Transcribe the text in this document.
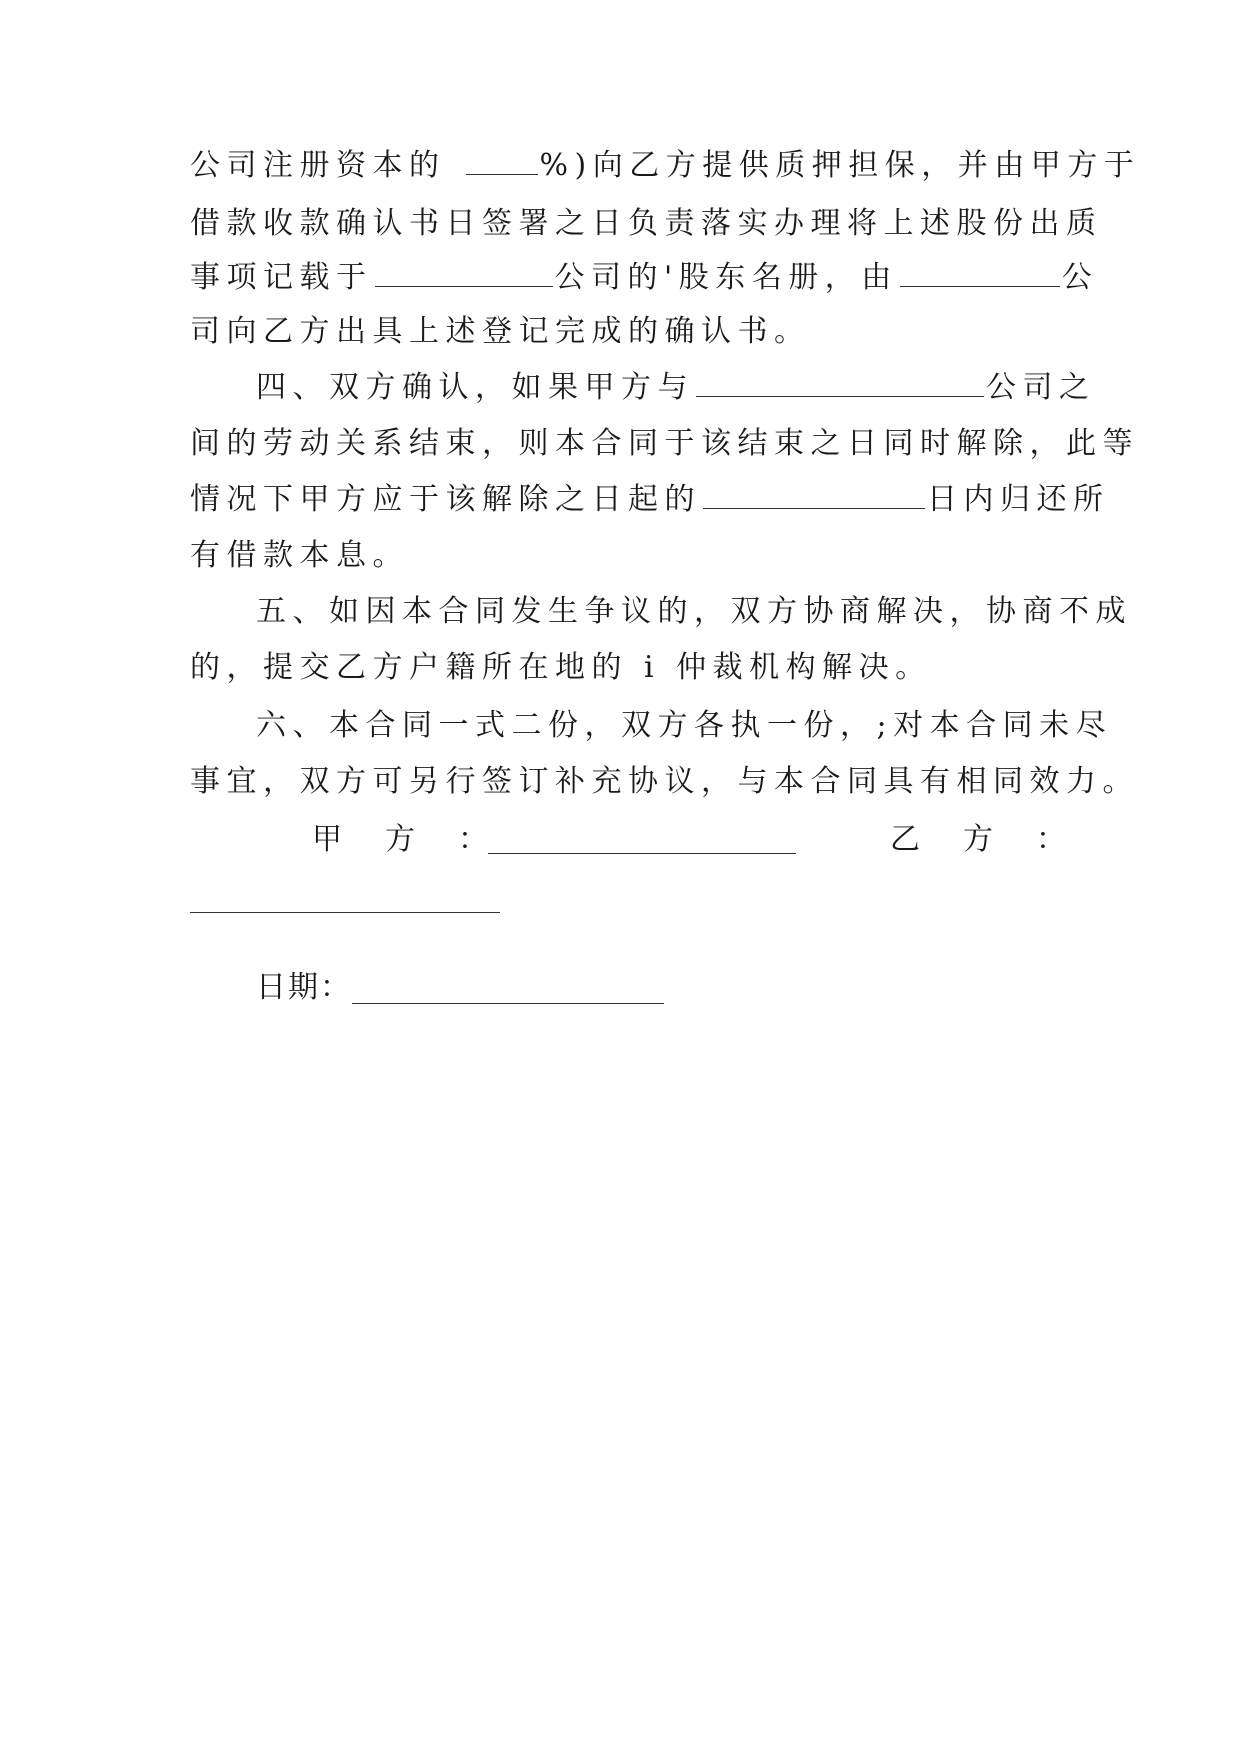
公司注册资本的	%)向乙方提供质押担保，并由甲方于
借款收款确认书日签署之日负责落实办理将上述股份出质
事项记载于	公司的'股东名册，由	公
司向乙方出具上述登记完成的确认书。
四、双方确认，如果甲方与	公司之
间的劳动关系结束，则本合同于该结束之日同时解除，此等
情况下甲方应于该解除之日起的	日内归还所
有借款本息。
五、如因本合同发生争议的，双方协商解决，协商不成
的，提交乙方户籍所在地的 i 仲裁机构解决。
六、本合同一式二份，双方各执一份，;对本合同未尽
事宜，双方可另行签订补充协议，与本合同具有相同效力。
甲　方　：	乙　方　：
日期：
